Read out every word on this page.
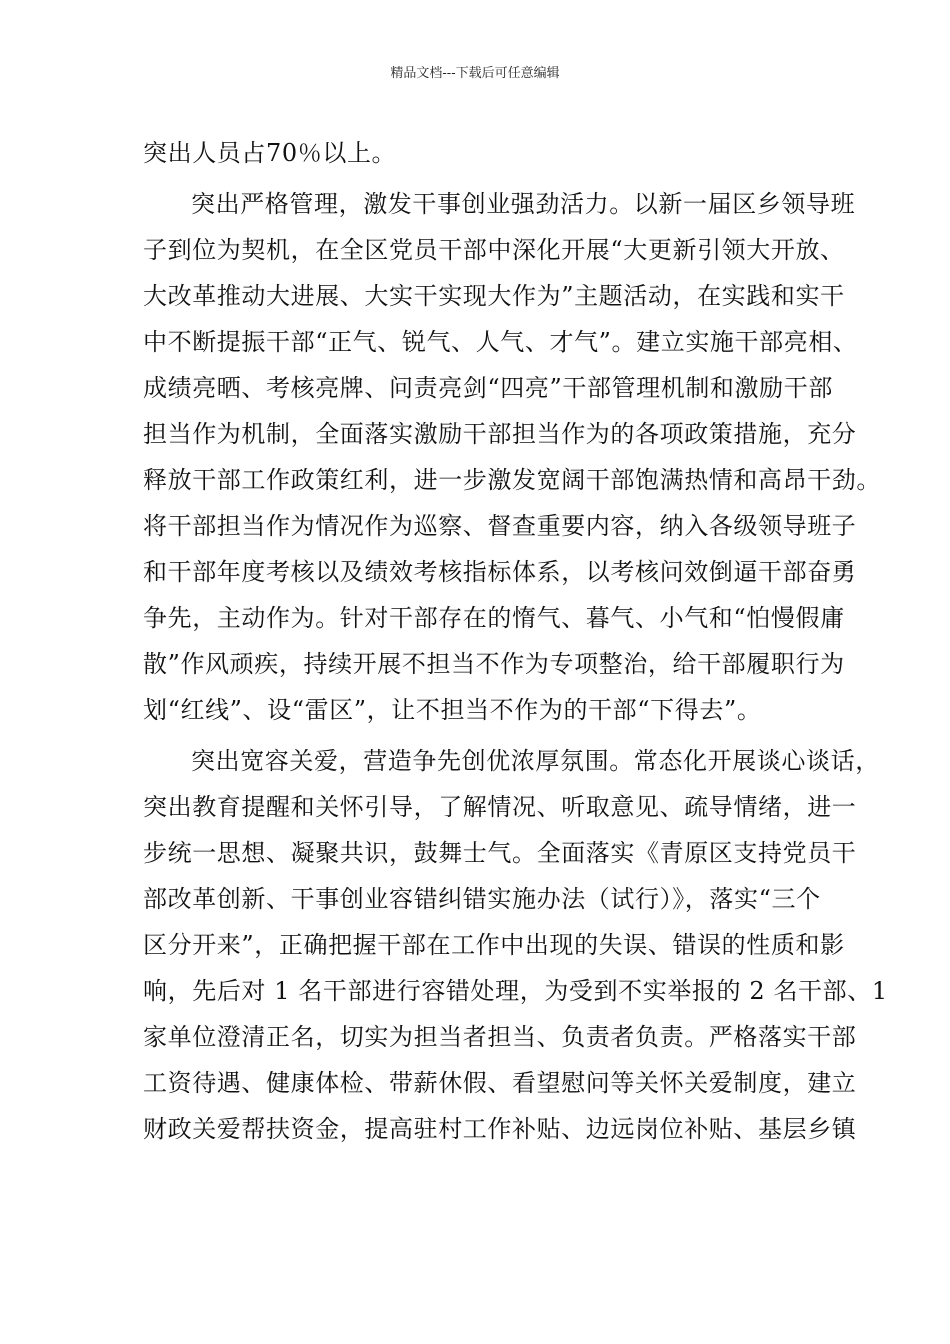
精品文档---下载后可任意编辑
突出人员占70％以上。
突出严格管理，激发干事创业强劲活力。以新一届区乡领导班
子到位为契机，在全区党员干部中深化开展“大更新引领大开放、
大改革推动大进展、大实干实现大作为”主题活动，在实践和实干
中不断提振干部“正气、锐气、人气、才气”。建立实施干部亮相、
成绩亮晒、考核亮牌、问责亮剑“四亮”干部管理机制和激励干部
担当作为机制，全面落实激励干部担当作为的各项政策措施，充分
释放干部工作政策红利，进一步激发宽阔干部饱满热情和高昂干劲。
将干部担当作为情况作为巡察、督查重要内容，纳入各级领导班子
和干部年度考核以及绩效考核指标体系，以考核问效倒逼干部奋勇
争先，主动作为。针对干部存在的惰气、暮气、小气和“怕慢假庸
散”作风顽疾，持续开展不担当不作为专项整治，给干部履职行为
划“红线”、设“雷区”，让不担当不作为的干部“下得去”。
突出宽容关爱，营造争先创优浓厚氛围。常态化开展谈心谈话，
突出教育提醒和关怀引导，了解情况、听取意见、疏导情绪，进一
步统一思想、凝聚共识，鼓舞士气。全面落实《青原区支持党员干
部改革创新、干事创业容错纠错实施办法（试行）》，落实“三个
区分开来”，正确把握干部在工作中出现的失误、错误的性质和影
响，先后对 1 名干部进行容错处理，为受到不实举报的 2 名干部、1
家单位澄清正名，切实为担当者担当、负责者负责。严格落实干部
工资待遇、健康体检、带薪休假、看望慰问等关怀关爱制度，建立
财政关爱帮扶资金，提高驻村工作补贴、边远岗位补贴、基层乡镇
